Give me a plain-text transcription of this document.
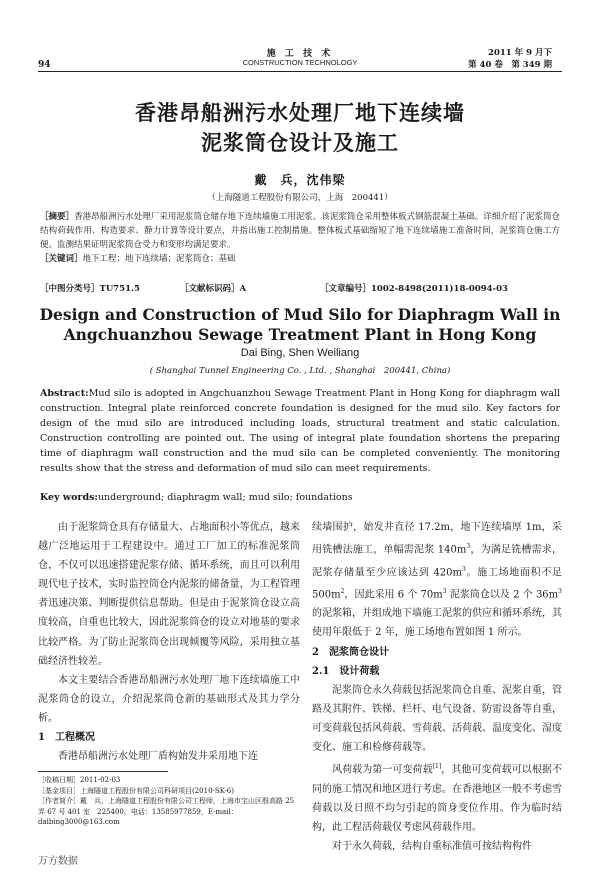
94
施 工 技 术
CONSTRUCTION TECHNOLOGY
2011 年 9 月下
第 40 卷　第 349 期
香港昂船洲污水处理厂地下连续墙
泥浆筒仓设计及施工
戴　兵，沈伟梁
（上海隧道工程股份有限公司，上海　200441）
［摘要］香港昂船洲污水处理厂采用泥浆筒仓储存地下连续墙施工用泥浆。该泥浆筒仓采用整体板式钢筋混凝土基础。详细介绍了泥浆筒仓结构荷载作用、构造要求、静力计算等设计要点，并指出施工控制措施。整体板式基础缩短了地下连续墙施工准备时间，泥浆筒仓施工方便。监测结果证明泥浆筒仓受力和变形均满足要求。
［关键词］地下工程；地下连续墙；泥浆筒仓；基础
［中图分类号］TU751.5	［文献标识码］A	［文章编号］1002-8498(2011)18-0094-03
Design and Construction of Mud Silo for Diaphragm Wall in
Angchuanzhou Sewage Treatment Plant in Hong Kong
Dai Bing, Shen Weiliang
( Shanghai Tunnel Engineering Co. , Ltd. , Shanghai　200441, China)
Abstract:Mud silo is adopted in Angchuanzhou Sewage Treatment Plant in Hong Kong for diaphragm wall construction. Integral plate reinforced concrete foundation is designed for the mud silo. Key factors for design of the mud silo are introduced including loads, structural treatment and static calculation. Construction controlling are pointed out. The using of integral plate foundation shortens the preparing time of diaphragm wall construction and the mud silo can be completed conveniently. The monitoring results show that the stress and deformation of mud silo can meet requirements.
Key words:underground; diaphragm wall; mud silo; foundations

由于泥浆筒仓具有存储量大、占地面积小等优点，越来越广泛地运用于工程建设中。通过工厂加工的标准泥浆筒仓，不仅可以迅速搭建泥浆存储、循环系统，而且可以利用现代电子技术，实时监控筒仓内泥浆的储备量，为工程管理者迅速决策、判断提供信息帮助。但是由于泥浆筒仓设立高度较高，自重也比较大，因此泥浆筒仓的设立对地基的要求比较严格。为了防止泥浆筒仓出现倾覆等风险，采用独立基础经济性较差。

本文主要结合香港昂船洲污水处理厂地下连续墙施工中泥浆筒仓的设立，介绍泥浆筒仓新的基础形式及其力学分析。

1　工程概况

香港昂船洲污水处理厂盾构始发井采用地下连

续墙围护，始发井直径 17.2m，地下连续墙厚 1m，采用铣槽法施工，单幅需泥浆 $140m^3$，为满足铣槽需求，泥浆存储量至少应该达到 $420m^3$。施工场地面积不足 $500m^2$，因此采用 6 个 $70m^3$ 泥浆筒仓以及 2 个 $36m^3$ 的泥浆箱，并组成地下墙施工泥浆的供应和循环系统，其使用年限低于 2 年，施工场地布置如图 1 所示。

2　泥浆筒仓设计

2.1　设计荷载

泥浆筒仓永久荷载包括泥浆筒仓自重、泥浆自重，管路及其附件、铁梯、栏杆、电气设备、防雷设备等自重，可变荷载包括风荷载、雪荷载、活荷载、温度变化、湿度变化、施工和检修荷载等。

风荷载为第一可变荷载[1]，其他可变荷载可以根据不同的施工情况和地区进行考虑。在香港地区一般不考虑雪荷载以及日照不均匀引起的筒身变位作用。作为临时结构，此工程活荷载仅考虑风荷载作用。

对于永久荷载，结构自重标准值可按结构构件

［收稿日期］2011-02-03
［基金项目］上海隧道工程股份有限公司科研项目(2010-SK-6)
［作者简介］戴　兵，上海隧道工程股份有限公司工程师，上海市宝山区殷高路 25 弄 67 号 401 室　225400，电话：13585977859，E-mail：daibing3000@163.com
万方数据
